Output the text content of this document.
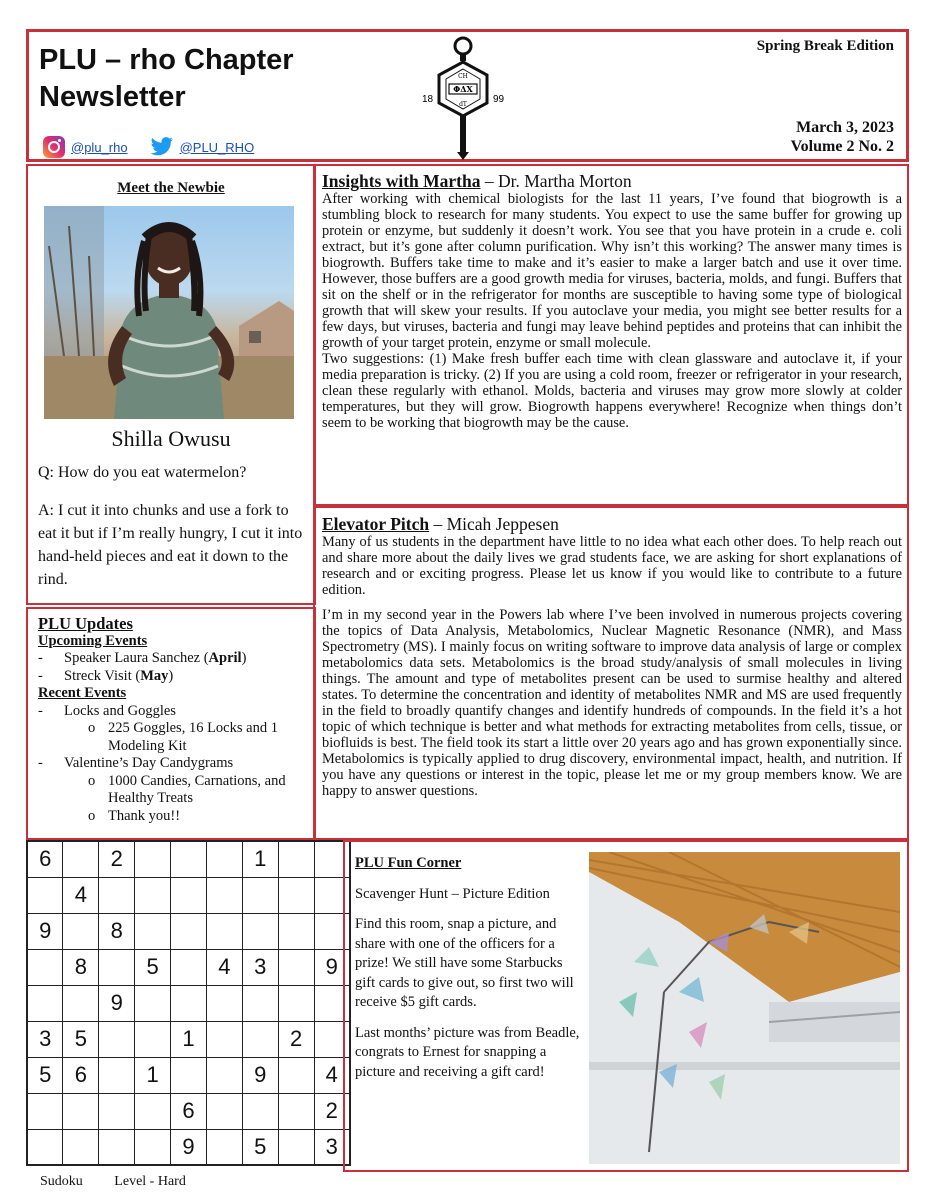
PLU – rho Chapter
Newsletter	ΦΔΧ
CH
dT
18	99
Spring Break Edition
March 3, 2023
Volume 2 No. 2
@plu_rho	@PLU_RHO
Meet the Newbie
Shilla Owusu
Q: How do you eat watermelon?
A: I cut it into chunks and use a fork to eat it but if I’m really hungry, I cut it into hand-held pieces and eat it down to the rind.
PLU Updates
Upcoming Events
-	Speaker Laura Sanchez (April)
-	Streck Visit (May)
Recent Events
-	Locks and Goggles
o 225 Goggles, 16 Locks and 1 Modeling Kit
-	Valentine’s Day Candygrams
o 1000 Candies, Carnations, and Healthy Treats
o Thank you!!
Insights with Martha – Dr. Martha Morton
After working with chemical biologists for the last 11 years, I’ve found that biogrowth is a stumbling block to research for many students. You expect to use the same buffer for growing up protein or enzyme, but suddenly it doesn’t work. You see that you have protein in a crude e. coli extract, but it’s gone after column purification. Why isn’t this working? The answer many times is biogrowth. Buffers take time to make and it’s easier to make a larger batch and use it over time. However, those buffers are a good growth media for viruses, bacteria, molds, and fungi. Buffers that sit on the shelf or in the refrigerator for months are susceptible to having some type of biological growth that will skew your results. If you autoclave your media, you might see better results for a few days, but viruses, bacteria and fungi may leave behind peptides and proteins that can inhibit the growth of your target protein, enzyme or small molecule.
Two suggestions: (1) Make fresh buffer each time with clean glassware and autoclave it, if your media preparation is tricky. (2) If you are using a cold room, freezer or refrigerator in your research, clean these regularly with ethanol. Molds, bacteria and viruses may grow more slowly at colder temperatures, but they will grow. Biogrowth happens everywhere! Recognize when things don’t seem to be working that biogrowth may be the cause.
Elevator Pitch – Micah Jeppesen
Many of us students in the department have little to no idea what each other does. To help reach out and share more about the daily lives we grad students face, we are asking for short explanations of research and or exciting progress. Please let us know if you would like to contribute to a future edition.
I’m in my second year in the Powers lab where I’ve been involved in numerous projects covering the topics of Data Analysis, Metabolomics, Nuclear Magnetic Resonance (NMR), and Mass Spectrometry (MS). I mainly focus on writing software to improve data analysis of large or complex metabolomics data sets. Metabolomics is the broad study/analysis of small molecules in living things. The amount and type of metabolites present can be used to surmise healthy and altered states. To determine the concentration and identity of metabolites NMR and MS are used frequently in the field to broadly quantify changes and identify hundreds of compounds. In the field it’s a hot topic of which technique is better and what methods for extracting metabolites from cells, tissue, or biofluids is best. The field took its start a little over 20 years ago and has grown exponentially since. Metabolomics is typically applied to drug discovery, environmental impact, health, and nutrition. If you have any questions or interest in the topic, please let me or my group members know. We are happy to answer questions.
6		2				1		
	4							
9		8						
	8		5		4	3		9
		9						
3	5			1			2	
5	6		1			9		4
				6				2
				9		5		3
Sudoku Level - Hard

PLU Fun Corner

Scavenger Hunt – Picture Edition

Find this room, snap a picture, and share with one of the officers for a prize! We still have some Starbucks gift cards to give out, so first two will receive $5 gift cards.

Last months’ picture was from Beadle, congrats to Ernest for snapping a picture and receiving a gift card!
